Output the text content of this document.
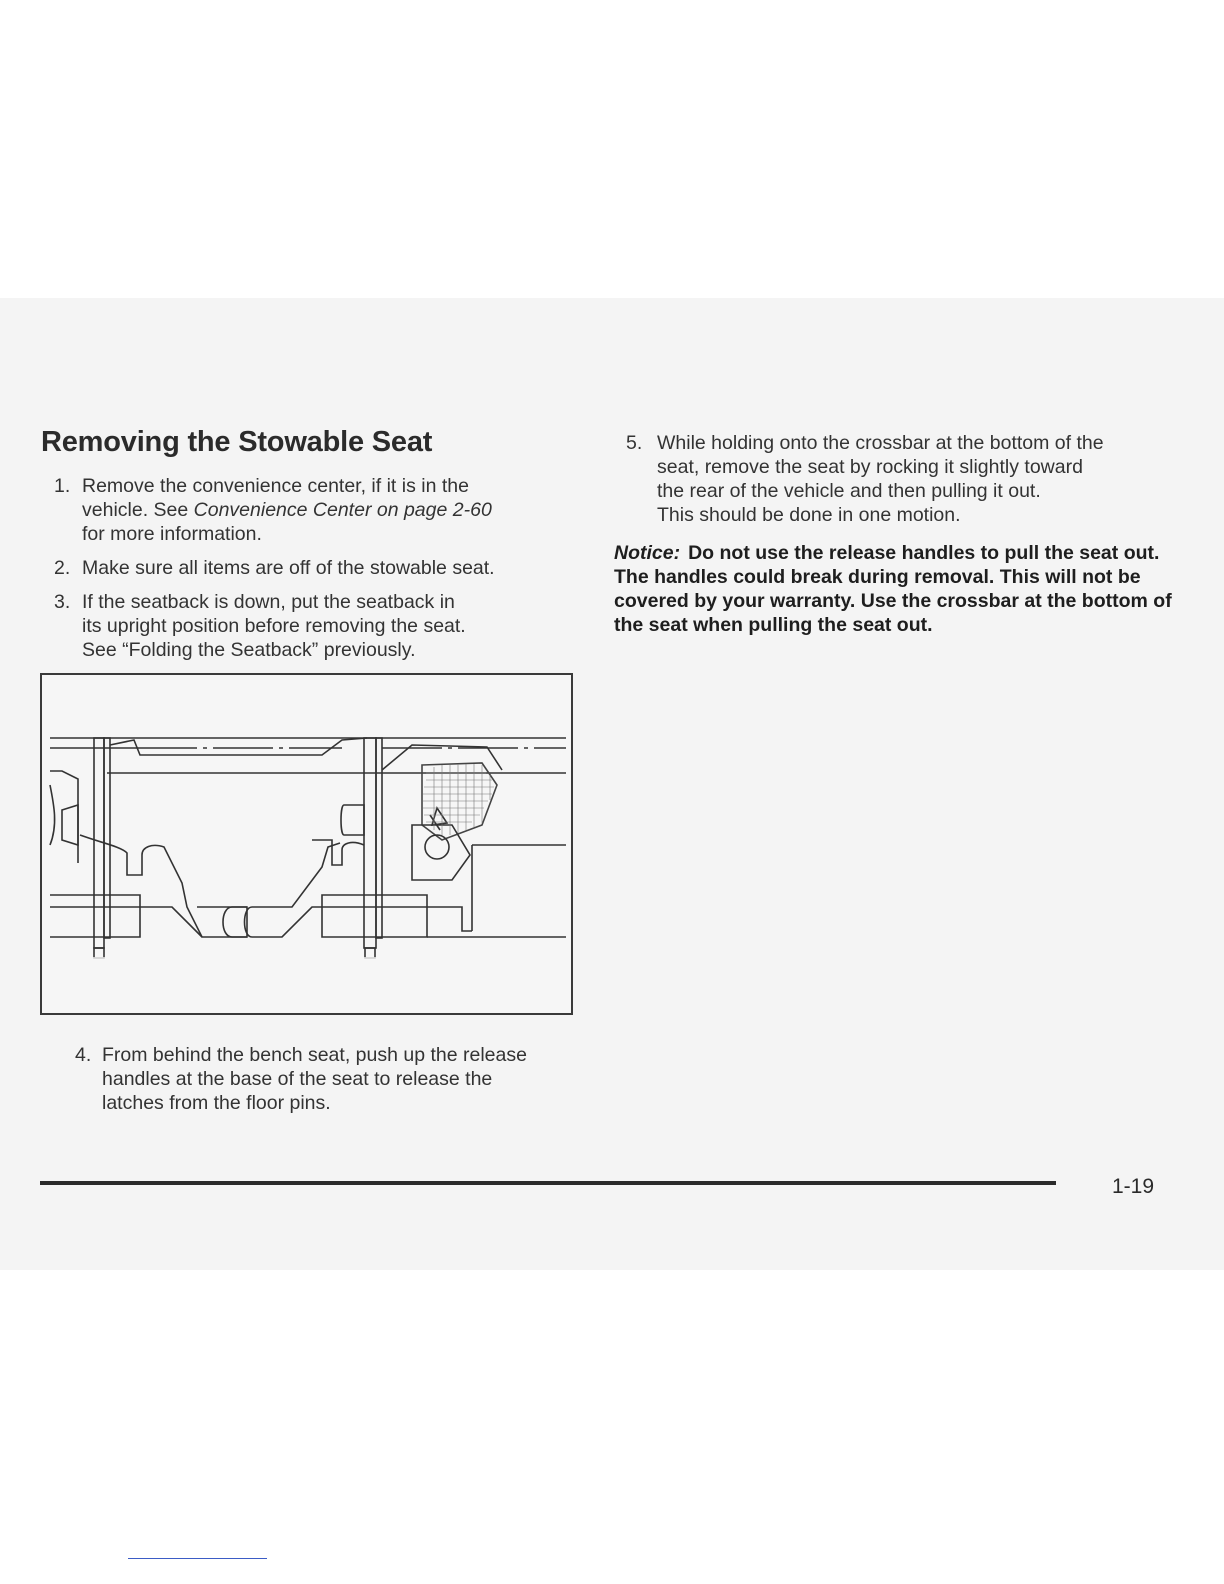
Removing the Stowable Seat
1. Remove the convenience center, if it is in the
vehicle. See Convenience Center on page 2-60
for more information.
2. Make sure all items are off of the stowable seat.
3. If the seatback is down, put the seatback in
its upright position before removing the seat.
See “Folding the Seatback” previously.
4. From behind the bench seat, push up the release
handles at the base of the seat to release the
latches from the floor pins.
5. While holding onto the crossbar at the bottom of the
seat, remove the seat by rocking it slightly toward
the rear of the vehicle and then pulling it out.
This should be done in one motion.
Notice: Do not use the release handles to pull the seat out. The handles could break during removal. This will not be covered by your warranty. Use the crossbar at the bottom of the seat when pulling the seat out.
1-19
